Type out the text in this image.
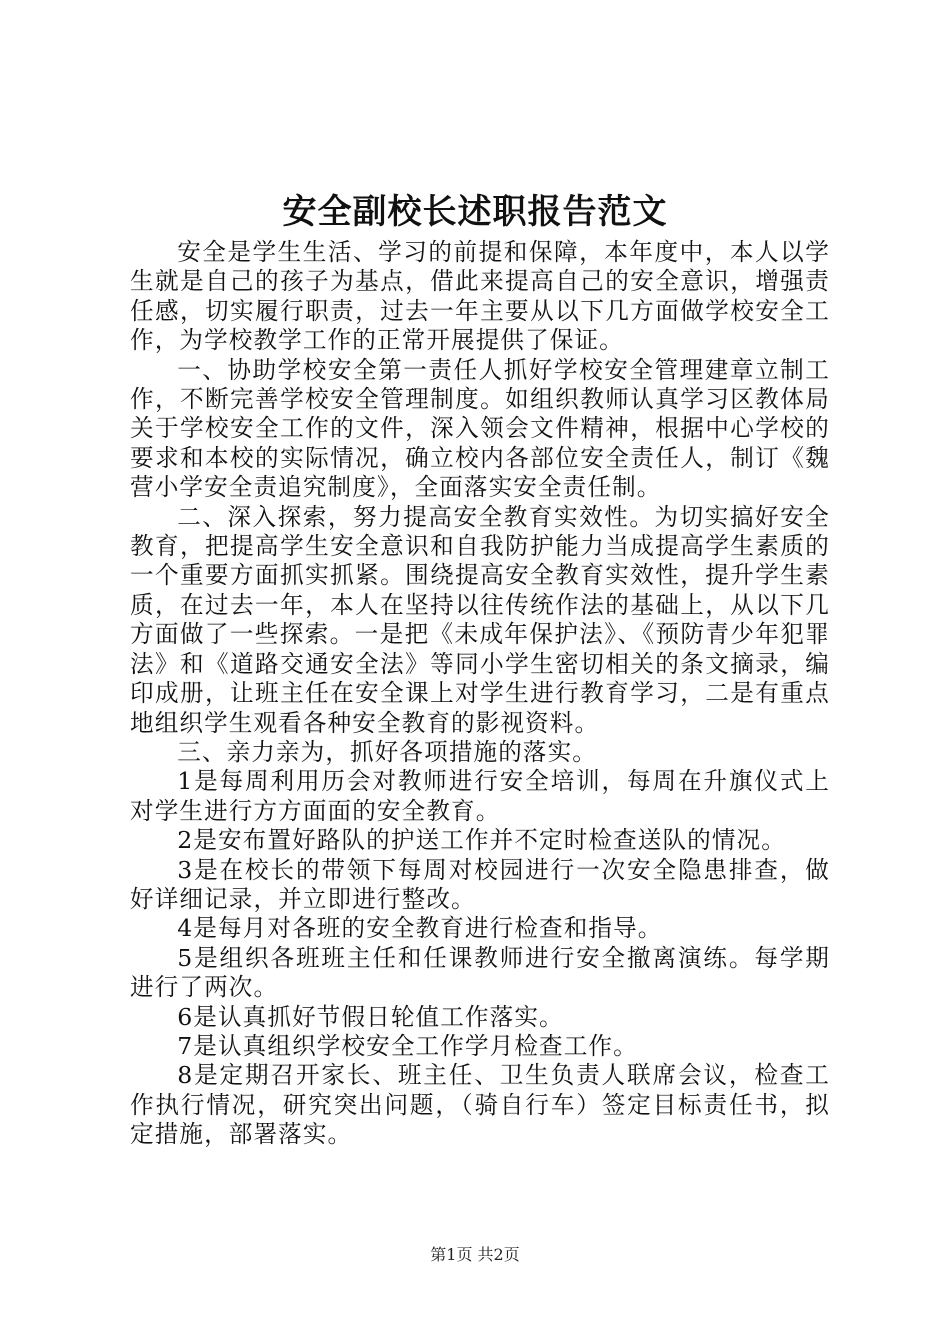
安全副校长述职报告范文

安全是学生生活、学习的前提和保障，本年度中，本人以学生就是自己的孩子为基点，借此来提高自己的安全意识，增强责任感，切实履行职责，过去一年主要从以下几方面做学校安全工作，为学校教学工作的正常开展提供了保证。

一、协助学校安全第一责任人抓好学校安全管理建章立制工作，不断完善学校安全管理制度。如组织教师认真学习区教体局关于学校安全工作的文件，深入领会文件精神，根据中心学校的要求和本校的实际情况，确立校内各部位安全责任人，制订《魏营小学安全责追究制度》，全面落实安全责任制。

二、深入探索，努力提高安全教育实效性。为切实搞好安全教育，把提高学生安全意识和自我防护能力当成提高学生素质的一个重要方面抓实抓紧。围绕提高安全教育实效性，提升学生素质，在过去一年，本人在坚持以往传统作法的基础上，从以下几方面做了一些探索。一是把《未成年保护法》、《预防青少年犯罪法》和《道路交通安全法》等同小学生密切相关的条文摘录，编印成册，让班主任在安全课上对学生进行教育学习，二是有重点地组织学生观看各种安全教育的影视资料。

三、亲力亲为，抓好各项措施的落实。

1是每周利用历会对教师进行安全培训，每周在升旗仪式上对学生进行方方面面的安全教育。

2是安布置好路队的护送工作并不定时检查送队的情况。

3是在校长的带领下每周对校园进行一次安全隐患排查，做好详细记录，并立即进行整改。

4是每月对各班的安全教育进行检查和指导。

5是组织各班班主任和任课教师进行安全撤离演练。每学期进行了两次。

6是认真抓好节假日轮值工作落实。

7是认真组织学校安全工作学月检查工作。

8是定期召开家长、班主任、卫生负责人联席会议，检查工作执行情况，研究突出问题，（骑自行车）签定目标责任书，拟定措施，部署落实。

第1页 共2页
